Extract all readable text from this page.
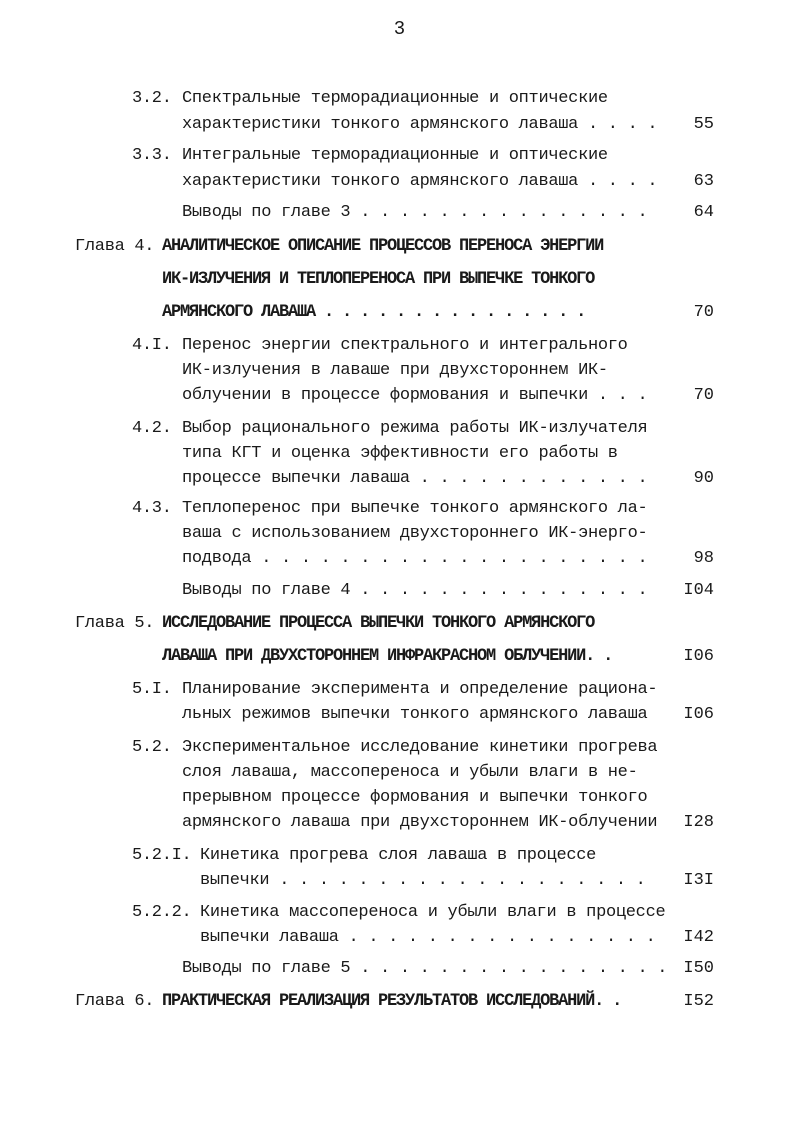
3
3.2. Спектральные терморадиационные и оптические
характеристики тонкого армянского лаваша . . . . 55
3.3. Интегральные терморадиационные и оптические
характеристики тонкого армянского лаваша . . . . 63
Выводы по главе 3 . . . . . . . . . . . . . . .	64
Глава 4. АНАЛИТИЧЕСКОЕ ОПИСАНИЕ ПРОЦЕССОВ ПЕРЕНОСА ЭНЕРГИИ
ИК-ИЗЛУЧЕНИЯ И ТЕПЛОПЕРЕНОСА ПРИ ВЫПЕЧКЕ ТОНКОГО
АРМЯНСКОГО ЛАВАША . . . . . . . . . . . . . . .	70
4.I. Перенос энергии спектрального и интегрального
ИК-излучения в лаваше при двухстороннем ИК-
облучении в процессе формования и выпечки . . .	70
4.2. Выбор рационального режима работы ИК-излучателя
типа КГТ и оценка эффективности его работы в
процессе выпечки лаваша . . . . . . . . . . . .	90
4.3. Теплоперенос при выпечке тонкого армянского ла-
ваша с использованием двухстороннего ИК-энерго-
подвода . . . . . . . . . . . . . . . . . . . .	98
Выводы по главе 4 . . . . . . . . . . . . . . . I04
Глава 5. ИССЛЕДОВАНИЕ ПРОЦЕССА ВЫПЕЧКИ ТОНКОГО АРМЯНСКОГО
ЛАВАША ПРИ ДВУХСТОРОННЕМ ИНФРАКРАСНОМ ОБЛУЧЕНИИ. .	I06
5.I. Планирование эксперимента и определение рациона-
льных режимов выпечки тонкого армянского лаваша I06
5.2. Экспериментальное исследование кинетики прогрева
слоя лаваша, массопереноса и убыли влаги в не-
прерывном процессе формования и выпечки тонкого
армянского лаваша при двухстороннем ИК-облучении I28
5.2.I. Кинетика прогрева слоя лаваша в процессе
выпечки . . . . . . . . . . . . . . . . . . . I3I
5.2.2. Кинетика массопереноса и убыли влаги в процессе
выпечки лаваша . . . . . . . . . . . . . . . . I42
Выводы по главе 5 . . . . . . . . . . . . . . . . I50
Глава 6. ПРАКТИЧЕСКАЯ РЕАЛИЗАЦИЯ РЕЗУЛЬТАТОВ ИССЛЕДОВАНИЙ. .	I52
